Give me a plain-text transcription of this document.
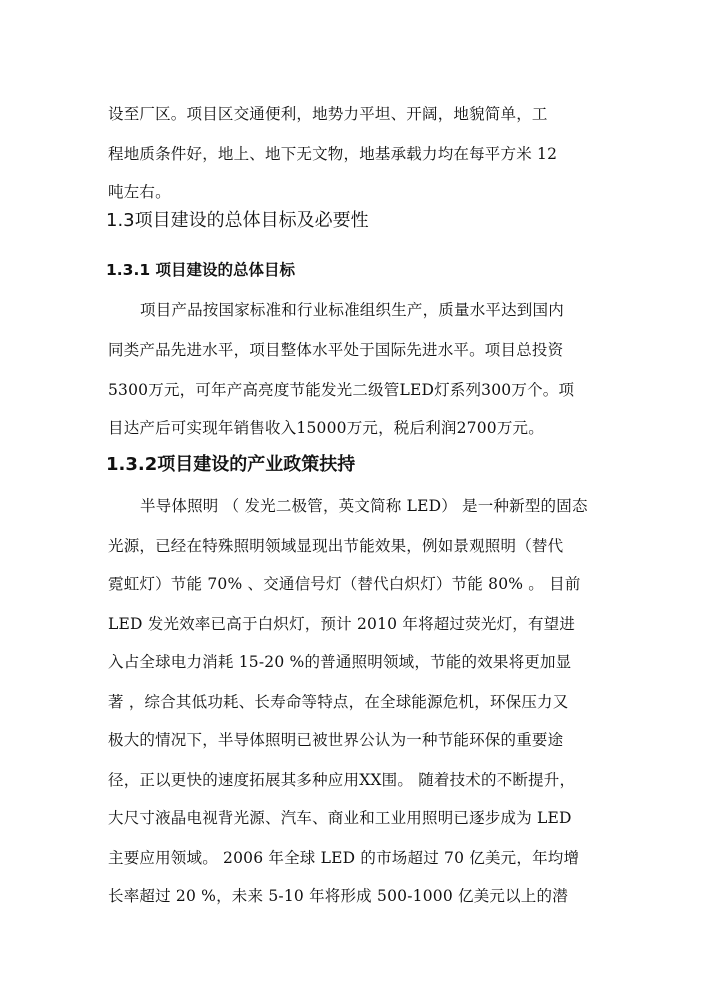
设至厂区。项目区交通便利，地势力平坦、开阔，地貌简单，工
程地质条件好，地上、地下无文物，地基承载力均在每平方米 12
吨左右。
1.3项目建设的总体目标及必要性
1.3.1 项目建设的总体目标
项目产品按国家标准和行业标准组织生产，质量水平达到国内
同类产品先进水平，项目整体水平处于国际先进水平。项目总投资
5300万元，可年产高亮度节能发光二级管LED灯系列300万个。项
目达产后可实现年销售收入15000万元，税后利润2700万元。
1.3.2项目建设的产业政策扶持
半导体照明 （ 发光二极管，英文简称 LED） 是一种新型的固态
光源，已经在特殊照明领域显现出节能效果，例如景观照明（替代
霓虹灯）节能 70% 、交通信号灯（替代白炽灯）节能 80% 。 目前
LED 发光效率已高于白炽灯，预计 2010 年将超过荧光灯，有望进
入占全球电力消耗 15-20 %的普通照明领域，节能的效果将更加显
著 ，综合其低功耗、长寿命等特点，在全球能源危机，环保压力又
极大的情况下，半导体照明已被世界公认为一种节能环保的重要途
径，正以更快的速度拓展其多种应用XX围。 随着技术的不断提升，
大尺寸液晶电视背光源、汽车、商业和工业用照明已逐步成为 LED
主要应用领域。 2006 年全球 LED 的市场超过 70 亿美元，年均增
长率超过 20 %，未来 5-10 年将形成 500-1000 亿美元以上的潜
